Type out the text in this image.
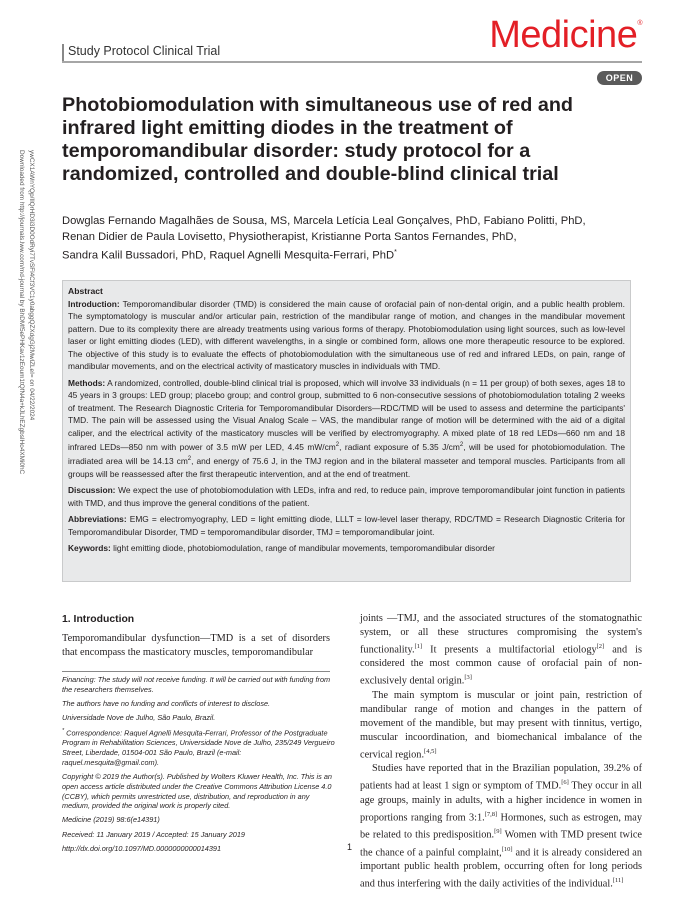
Study Protocol Clinical Trial	Medicine®
OPEN
Downloaded from http://journals.lww.com/md-journal by BhDMf5ePHKav1zEoum1tQfN4a+kJLhEZgbsIHo4XMi0hC ywCX1AWnYQp/IlQrHD3i3D0OdRyi7TvSFl4Cf3VC1y0abggQZXdgGj2MwlZLeI= on 04/22/2024
Photobiomodulation with simultaneous use of red and infrared light emitting diodes in the treatment of temporomandibular disorder: study protocol for a randomized, controlled and double-blind clinical trial
Dowglas Fernando Magalhães de Sousa, MS, Marcela Letícia Leal Gonçalves, PhD, Fabiano Politti, PhD,
Renan Didier de Paula Lovisetto, Physiotherapist, Kristianne Porta Santos Fernandes, PhD,
Sandra Kalil Bussadori, PhD, Raquel Agnelli Mesquita-Ferrari, PhD*
Abstract

Introduction: Temporomandibular disorder (TMD) is considered the main cause of orofacial pain of non-dental origin, and a public health problem. The symptomatology is muscular and/or articular pain, restriction of the mandibular range of motion, and changes in the mandibular movement pattern. Due to its complexity there are already treatments using various forms of therapy. Photobiomodulation using light sources, such as low-level laser or light emitting diodes (LED), with different wavelengths, in a single or combined form, allows one more therapeutic resource to be explored. The objective of this study is to evaluate the effects of photobiomodulation with the simultaneous use of red and infrared LEDs, on pain, range of mandibular movements, and on the electrical activity of masticatory muscles in individuals with TMD.

Methods: A randomized, controlled, double-blind clinical trial is proposed, which will involve 33 individuals (n = 11 per group) of both sexes, ages 18 to 45 years in 3 groups: LED group; placebo group; and control group, submitted to 6 non-consecutive sessions of photobiomodulation totaling 2 weeks of treatment. The Research Diagnostic Criteria for Temporomandibular Disorders—RDC/TMD will be used to assess and determine the participants' TMD. The pain will be assessed using the Visual Analog Scale – VAS, the mandibular range of motion will be determined with the aid of a digital caliper, and the electrical activity of the masticatory muscles will be verified by electromyography. A mixed plate of 18 red LEDs—660 nm and 18 infrared LEDs—850 nm with power of 3.5 mW per LED, 4.45 $mW/cm^2$, radiant exposure of 5.35 $J/cm^2$, will be used for photobiomodulation. The irradiated area will be 14.13 $cm^2$, and energy of 75.6 J, in the TMJ region and in the bilateral masseter and temporal muscles. Participants from all groups will be reassessed after the first therapeutic intervention, and at the end of treatment.

Discussion: We expect the use of photobiomodulation with LEDs, infra and red, to reduce pain, improve temporomandibular joint function in patients with TMD, and thus improve the general conditions of the patient.

Abbreviations: EMG = electromyography, LED = light emitting diode, LLLT = low-level laser therapy, RDC/TMD = Research Diagnostic Criteria for Temporomandibular Disorder, TMD = temporomandibular disorder, TMJ = temporomandibular joint.

Keywords: light emitting diode, photobiomodulation, range of mandibular movements, temporomandibular disorder

1. Introduction

Temporomandibular dysfunction—TMD is a set of disorders that encompass the masticatory muscles, temporomandibular

Financing: The study will not receive funding. It will be carried out with funding from the researchers themselves.

The authors have no funding and conflicts of interest to disclose.

Universidade Nove de Julho, São Paulo, Brazil.

* Correspondence: Raquel Agnelli Mesquita-Ferrari, Professor of the Postgraduate Program in Rehabilitation Sciences, Universidade Nove de Julho, 235/249 Vergueiro Street, Liberdade, 01504-001 São Paulo, Brazil (e-mail: raquel.mesquita@gmail.com).

Copyright © 2019 the Author(s). Published by Wolters Kluwer Health, Inc. This is an open access article distributed under the Creative Commons Attribution License 4.0 (CCBY), which permits unrestricted use, distribution, and reproduction in any medium, provided the original work is properly cited.

Medicine (2019) 98:6(e14391)

Received: 11 January 2019 / Accepted: 15 January 2019

http://dx.doi.org/10.1097/MD.0000000000014391

joints —TMJ, and the associated structures of the stomatognathic system, or all these structures compromising the system's functionality.[1] It presents a multifactorial etiology[2] and is considered the most common cause of orofacial pain of non-exclusively dental origin.[3]

The main symptom is muscular or joint pain, restriction of mandibular range of motion and changes in the pattern of movement of the mandible, but may present with tinnitus, vertigo, muscular incoordination, and biomechanical imbalance of the cervical region.[4,5]

Studies have reported that in the Brazilian population, 39.2% of patients had at least 1 sign or symptom of TMD.[6] They occur in all age groups, mainly in adults, with a higher incidence in women in proportions ranging from 3:1.[7,8] Hormones, such as estrogen, may be related to this predisposition.[9] Women with TMD present twice the chance of a painful complaint,[10] and it is already considered an important public health problem, occurring often for long periods and thus interfering with the daily activities of the individual.[11]

1
